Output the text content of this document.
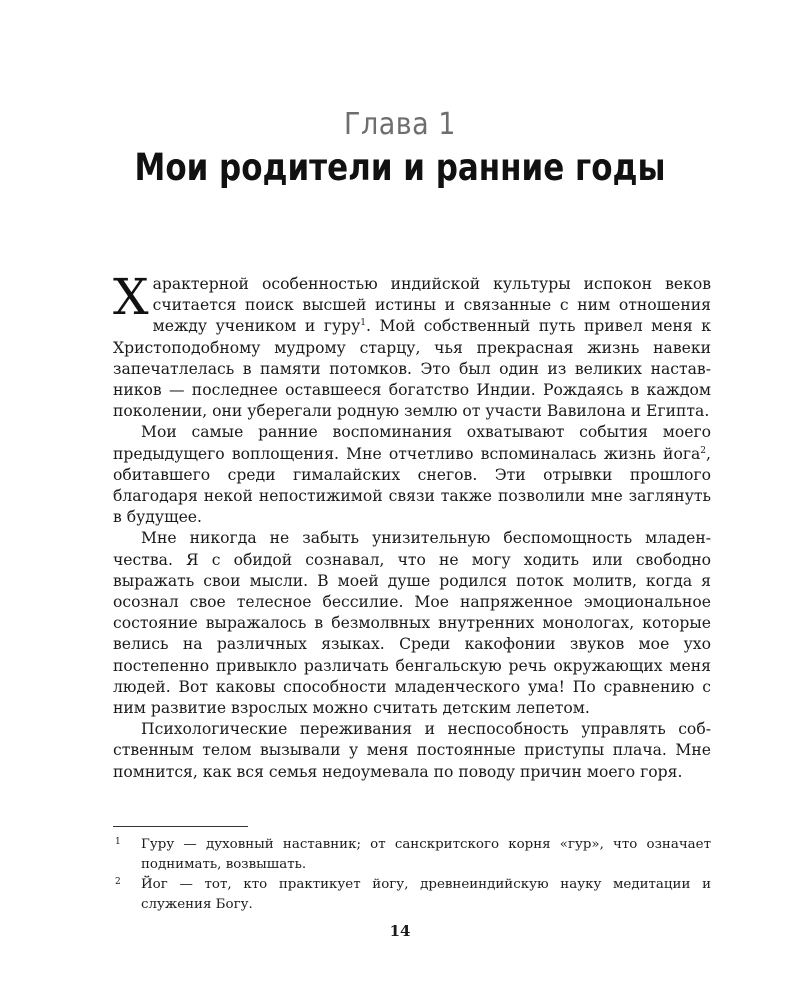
Глава 1
Мои родители и ранние годы

Характерной особенностью индийской культуры испокон веков считается поиск высшей истины и связанные с ним отношения между учеником и гуру$^1$. Мой собственный путь привел меня к Христоподобному мудрому старцу, чья прекрасная жизнь навеки запечатлелась в памяти потомков. Это был один из великих наставников — последнее оставшееся богатство Индии. Рождаясь в каждом поколении, они уберегали родную землю от участи Вавилона и Египта.

Мои самые ранние воспоминания охватывают события моего предыдущего воплощения. Мне отчетливо вспоминалась жизнь йога$^2$, обитавшего среди гималайских снегов. Эти отрывки прошлого благодаря некой непостижимой связи также позволили мне заглянуть в будущее.

Мне никогда не забыть унизительную беспомощность младенчества. Я с обидой сознавал, что не могу ходить или свободно выражать свои мысли. В моей душе родился поток молитв, когда я осознал свое телесное бессилие. Мое напряженное эмоциональное состояние выражалось в безмолвных внутренних монологах, которые велись на различных языках. Среди какофонии звуков мое ухо постепенно привыкло различать бенгальскую речь окружающих меня людей. Вот каковы способности младенческого ума! По сравнению с ним развитие взрослых можно считать детским лепетом.

Психологические переживания и неспособность управлять собственным телом вызывали у меня постоянные приступы плача. Мне помнится, как вся семья недоумевала по поводу причин моего горя.

1 Гуру — духовный наставник; от санскритского корня «гур», что означает поднимать, возвышать.
2 Йог — тот, кто практикует йогу, древнеиндийскую науку медитации и служения Богу.
14
